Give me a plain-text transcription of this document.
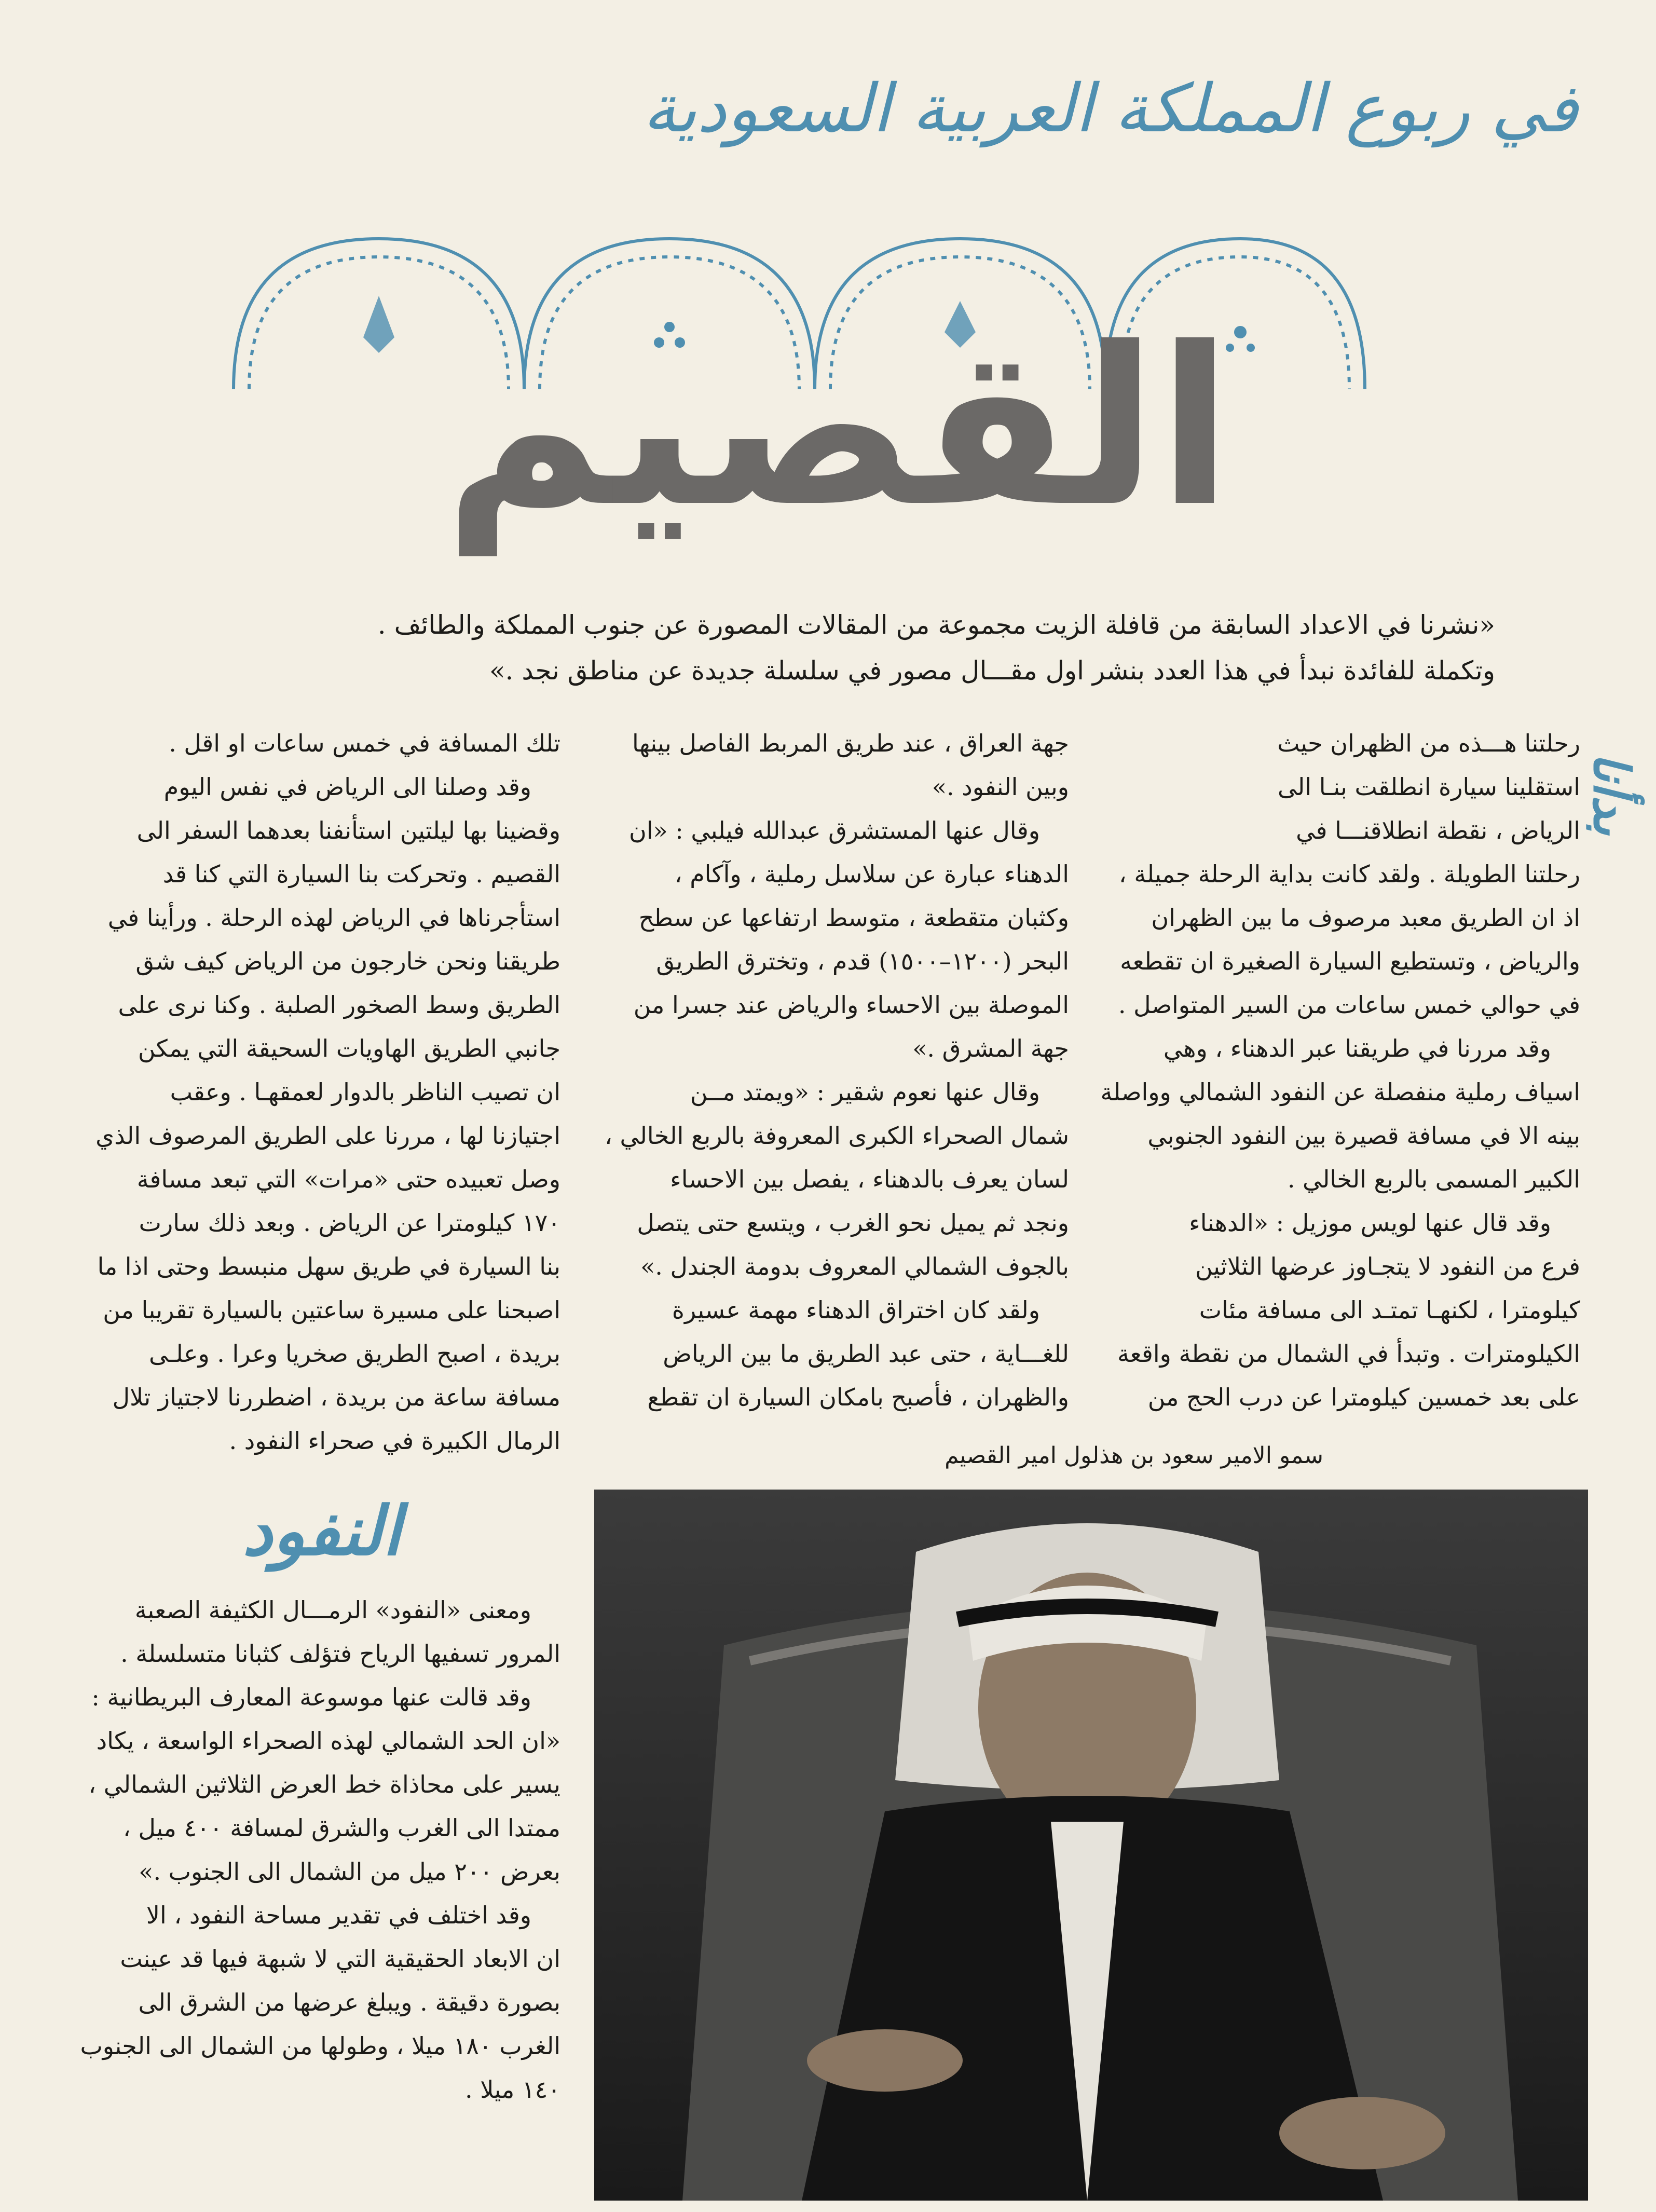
في ربوع المملكة العربية السعودية
القصيم
«نشرنا في الاعداد السابقة من قافلة الزيت مجموعة من المقالات المصورة عن جنوب المملكة والطائف .
وتكملة للفائدة نبدأ في هذا العدد بنشر اول مقـــال مصور في سلسلة جديدة عن مناطق نجد .»
بدأنا

رحلتنا هـــذه من الظهران حيث

استقلينا سيارة انطلقت بنـا الى

الرياض ، نقطة انطلاقنـــا في

رحلتنا الطويلة . ولقد كانت بداية الرحلة جميلة ،

اذ ان الطريق معبد مرصوف ما بين الظهران

والرياض ، وتستطيع السيارة الصغيرة ان تقطعه

في حوالي خمس ساعات من السير المتواصل .

وقد مررنا في طريقنا عبر الدهناء ، وهي

اسياف رملية منفصلة عن النفود الشمالي وواصلة

بينه الا في مسافة قصيرة بين النفود الجنوبي

الكبير المسمى بالربع الخالي .

وقد قال عنها لويس موزيل : «الدهناء

فرع من النفود لا يتجـاوز عرضها الثلاثين

كيلومترا ، لكنهـا تمتـد الى مسافة مئات

الكيلومترات . وتبدأ في الشمال من نقطة واقعة

على بعد خمسين كيلومترا عن درب الحج من

جهة العراق ، عند طريق المربط الفاصل بينها

وبين النفود .»

وقال عنها المستشرق عبدالله فيلبي : «ان

الدهناء عبارة عن سلاسل رملية ، وآكام ،

وكثبان متقطعة ، متوسط ارتفاعها عن سطح

البحر (١٢٠٠–١٥٠٠) قدم ، وتخترق الطريق

الموصلة بين الاحساء والرياض عند جسرا من

جهة المشرق .»

وقال عنها نعوم شقير : «ويمتد مــن

شمال الصحراء الكبرى المعروفة بالربع الخالي ،

لسان يعرف بالدهناء ، يفصل بين الاحساء

ونجد ثم يميل نحو الغرب ، ويتسع حتى يتصل

بالجوف الشمالي المعروف بدومة الجندل .»

ولقد كان اختراق الدهناء مهمة عسيرة

للغـــاية ، حتى عبد الطريق ما بين الرياض

والظهران ، فأصبح بامكان السيارة ان تقطع

تلك المسافة في خمس ساعات او اقل .

وقد وصلنا الى الرياض في نفس اليوم

وقضينا بها ليلتين استأنفنا بعدهما السفر الى

القصيم . وتحركت بنا السيارة التي كنا قد

استأجرناها في الرياض لهذه الرحلة . ورأينا في

طريقنا ونحن خارجون من الرياض كيف شق

الطريق وسط الصخور الصلبة . وكنا نرى على

جانبي الطريق الهاويات السحيقة التي يمكن

ان تصيب الناظر بالدوار لعمقهـا . وعقب

اجتيازنا لها ، مررنا على الطريق المرصوف الذي

وصل تعبيده حتى «مرات» التي تبعد مسافة

١٧٠ كيلومترا عن الرياض . وبعد ذلك سارت

بنا السيارة في طريق سهل منبسط وحتى اذا ما

اصبحنا على مسيرة ساعتين بالسيارة تقريبا من

بريدة ، اصبح الطريق صخريا وعرا . وعلـى

مسافة ساعة من بريدة ، اضطررنا لاجتياز تلال

الرمال الكبيرة في صحراء النفود .

سمو الامير سعود بن هذلول امير القصيم
النفود

ومعنى «النفود» الرمـــال الكثيفة الصعبة

المرور تسفيها الرياح فتؤلف كثبانا متسلسلة .

وقد قالت عنها موسوعة المعارف البريطانية :

«ان الحد الشمالي لهذه الصحراء الواسعة ، يكاد

يسير على محاذاة خط العرض الثلاثين الشمالي ،

ممتدا الى الغرب والشرق لمسافة ٤٠٠ ميل ،

بعرض ٢٠٠ ميل من الشمال الى الجنوب .»

وقد اختلف في تقدير مساحة النفود ، الا

ان الابعاد الحقيقية التي لا شبهة فيها قد عينت

بصورة دقيقة . ويبلغ عرضها من الشرق الى

الغرب ١٨٠ ميلا ، وطولها من الشمال الى الجنوب

١٤٠ ميلا .
